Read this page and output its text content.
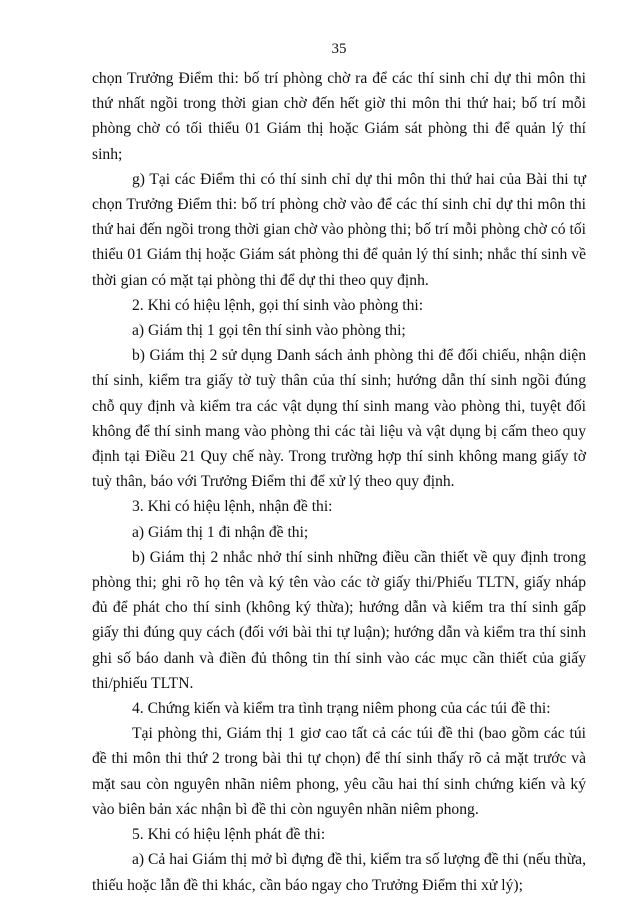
35

chọn Trưởng Điểm thi: bố trí phòng chờ ra để các thí sinh chỉ dự thi môn thi thứ nhất ngồi trong thời gian chờ đến hết giờ thi môn thi thứ hai; bố trí mỗi phòng chờ có tối thiểu 01 Giám thị hoặc Giám sát phòng thi để quản lý thí sinh;

g) Tại các Điểm thi có thí sinh chỉ dự thi môn thi thứ hai của Bài thi tự chọn Trưởng Điểm thi: bố trí phòng chờ vào để các thí sinh chỉ dự thi môn thi thứ hai đến ngồi trong thời gian chờ vào phòng thi; bố trí mỗi phòng chờ có tối thiểu 01 Giám thị hoặc Giám sát phòng thi để quản lý thí sinh; nhắc thí sinh về thời gian có mặt tại phòng thi để dự thi theo quy định.

2. Khi có hiệu lệnh, gọi thí sinh vào phòng thi:

a) Giám thị 1 gọi tên thí sinh vào phòng thi;

b) Giám thị 2 sử dụng Danh sách ảnh phòng thi để đối chiếu, nhận diện thí sinh, kiểm tra giấy tờ tuỳ thân của thí sinh; hướng dẫn thí sinh ngồi đúng chỗ quy định và kiểm tra các vật dụng thí sinh mang vào phòng thi, tuyệt đối không để thí sinh mang vào phòng thi các tài liệu và vật dụng bị cấm theo quy định tại Điều 21 Quy chế này. Trong trường hợp thí sinh không mang giấy tờ tuỳ thân, báo với Trưởng Điểm thi để xử lý theo quy định.

3. Khi có hiệu lệnh, nhận đề thi:

a) Giám thị 1 đi nhận đề thi;

b) Giám thị 2 nhắc nhở thí sinh những điều cần thiết về quy định trong phòng thi; ghi rõ họ tên và ký tên vào các tờ giấy thi/Phiếu TLTN, giấy nháp đủ để phát cho thí sinh (không ký thừa); hướng dẫn và kiểm tra thí sinh gấp giấy thi đúng quy cách (đối với bài thi tự luận); hướng dẫn và kiểm tra thí sinh ghi số báo danh và điền đủ thông tin thí sinh vào các mục cần thiết của giấy thi/phiếu TLTN.

4. Chứng kiến và kiểm tra tình trạng niêm phong của các túi đề thi:

Tại phòng thi, Giám thị 1 giơ cao tất cả các túi đề thi (bao gồm các túi đề thi môn thi thứ 2 trong bài thi tự chọn) để thí sinh thấy rõ cả mặt trước và mặt sau còn nguyên nhãn niêm phong, yêu cầu hai thí sinh chứng kiến và ký vào biên bản xác nhận bì đề thi còn nguyên nhãn niêm phong.

5. Khi có hiệu lệnh phát đề thi:

a) Cả hai Giám thị mở bì đựng đề thi, kiểm tra số lượng đề thi (nếu thừa, thiếu hoặc lẫn đề thi khác, cần báo ngay cho Trưởng Điểm thi xử lý);
